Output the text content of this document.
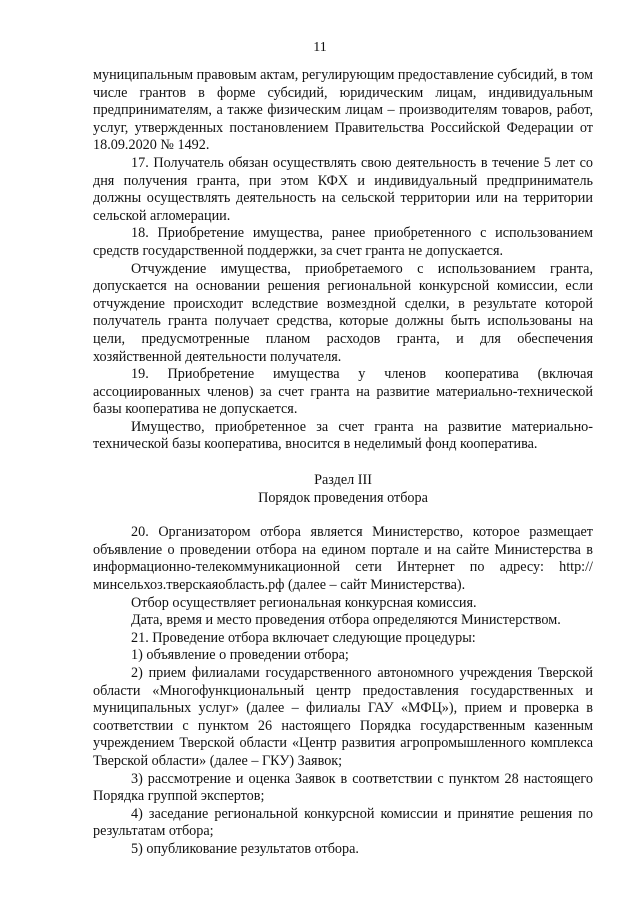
11

муниципальным правовым актам, регулирующим предоставление субсидий, в том числе грантов в форме субсидий, юридическим лицам, индивидуальным предпринимателям, а также физическим лицам – производителям товаров, работ, услуг, утвержденных постановлением Правительства Российской Федерации от 18.09.2020 № 1492.

17. Получатель обязан осуществлять свою деятельность в течение 5 лет со дня получения гранта, при этом КФХ и индивидуальный предприниматель должны осуществлять деятельность на сельской территории или на территории сельской агломерации.

18. Приобретение имущества, ранее приобретенного с использованием средств государственной поддержки, за счет гранта не допускается.

Отчуждение имущества, приобретаемого с использованием гранта, допускается на основании решения региональной конкурсной комиссии, если отчуждение происходит вследствие возмездной сделки, в результате которой получатель гранта получает средства, которые должны быть использованы на цели, предусмотренные планом расходов гранта, и для обеспечения хозяйственной деятельности получателя.

19. Приобретение имущества у членов кооператива (включая ассоциированных членов) за счет гранта на развитие материально-технической базы кооператива не допускается.

Имущество, приобретенное за счет гранта на развитие материально-технической базы кооператива, вносится в неделимый фонд кооператива.

Раздел III

Порядок проведения отбора

20. Организатором отбора является Министерство, которое размещает объявление о проведении отбора на едином портале и на сайте Министерства в информационно-телекоммуникационной сети Интернет по адресу: http://минсельхоз.тверскаяобласть.рф (далее – сайт Министерства).

Отбор осуществляет региональная конкурсная комиссия.

Дата, время и место проведения отбора определяются Министерством.

21. Проведение отбора включает следующие процедуры:

1) объявление о проведении отбора;

2) прием филиалами государственного автономного учреждения Тверской области «Многофункциональный центр предоставления государственных и муниципальных услуг» (далее – филиалы ГАУ «МФЦ»), прием и проверка в соответствии с пунктом 26 настоящего Порядка государственным казенным учреждением Тверской области «Центр развития агропромышленного комплекса Тверской области» (далее – ГКУ) Заявок;

3) рассмотрение и оценка Заявок в соответствии с пунктом 28 настоящего Порядка группой экспертов;

4) заседание региональной конкурсной комиссии и принятие решения по результатам отбора;

5) опубликование результатов отбора.
